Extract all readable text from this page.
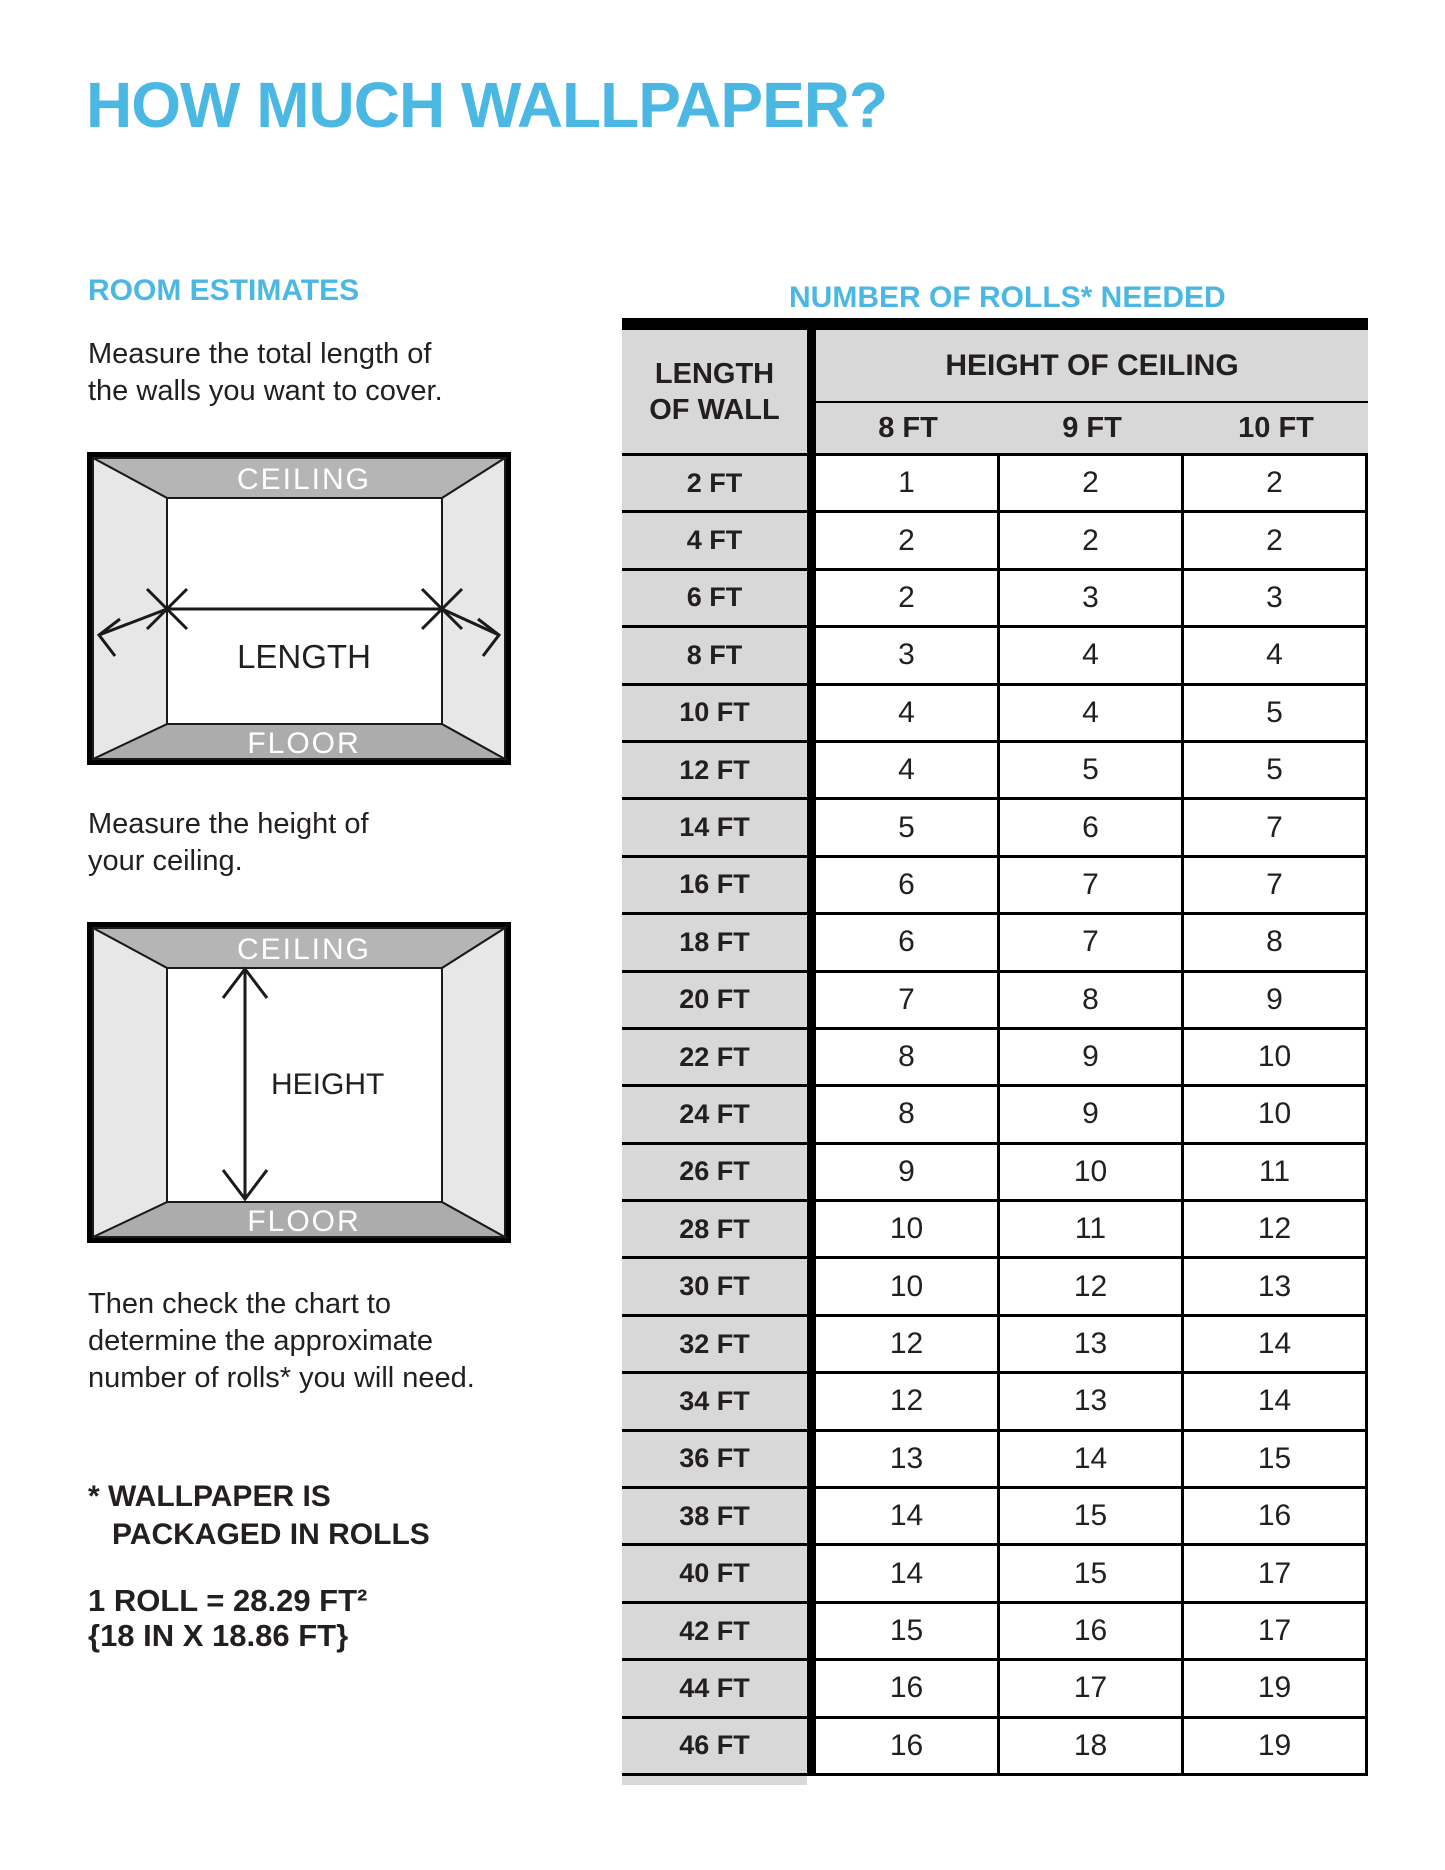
HOW MUCH WALLPAPER?
ROOM ESTIMATES
Measure the total length of
the walls you want to cover.
CEILING
FLOOR
LENGTH
Measure the height of
your ceiling.
CEILING
FLOOR
HEIGHT
Then check the chart to
determine the approximate
number of rolls* you will need.
* WALLPAPER IS
PACKAGED IN ROLLS
1 ROLL = 28.29 FT²
{18 IN X 18.86 FT}
NUMBER OF ROLLS* NEEDED
LENGTH
OF WALL
HEIGHT OF CEILING
8 FT	9 FT	10 FT
2 FT	1	2	2
4 FT	2	2	2
6 FT	2	3	3
8 FT	3	4	4
10 FT	4	4	5
12 FT	4	5	5
14 FT	5	6	7
16 FT	6	7	7
18 FT	6	7	8
20 FT	7	8	9
22 FT	8	9	10
24 FT	8	9	10
26 FT	9	10	11
28 FT	10	11	12
30 FT	10	12	13
32 FT	12	13	14
34 FT	12	13	14
36 FT	13	14	15
38 FT	14	15	16
40 FT	14	15	17
42 FT	15	16	17
44 FT	16	17	19
46 FT	16	18	19
